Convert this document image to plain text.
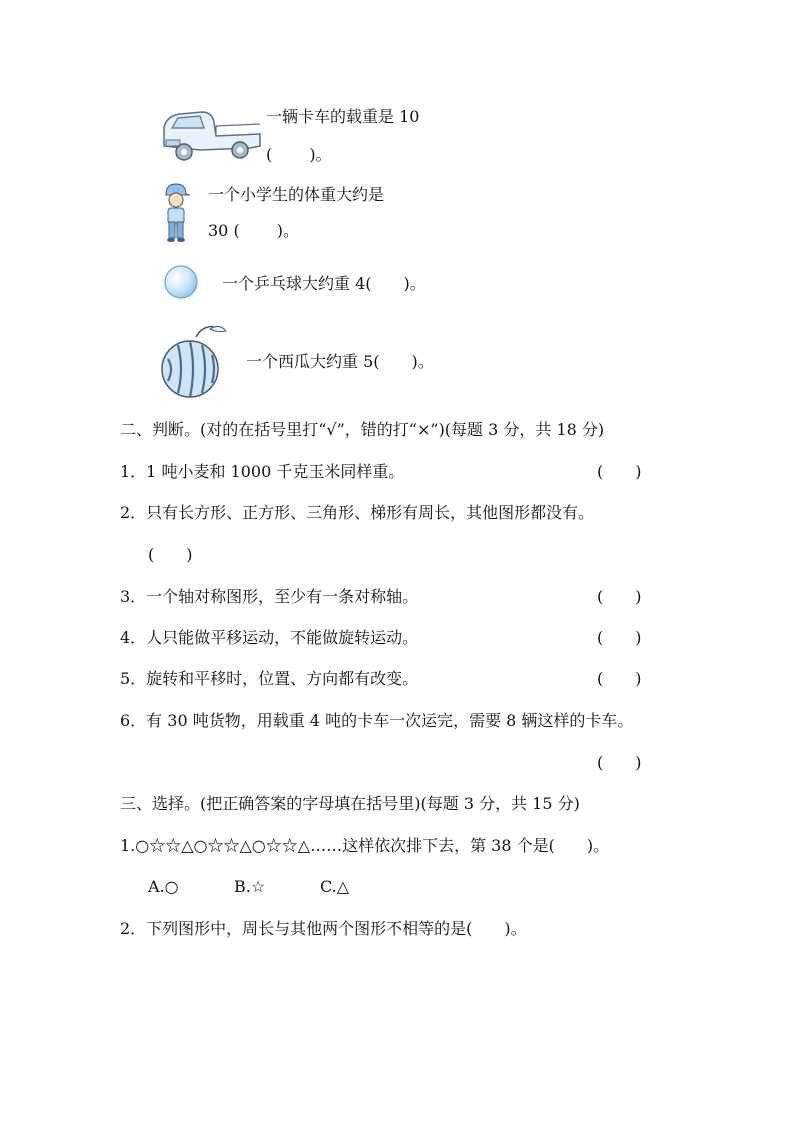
一辆卡车的载重是 10
(　　 )。
一个小学生的体重大约是
30 (　　 )。
一个乒乓球大约重 4(　　)。
一个西瓜大约重 5(　　)。
二、判断。(对的在括号里打“√”，错的打“×”)(每题 3 分，共 18 分)
1．1 吨小麦和 1000 千克玉米同样重。	(　　)
2．只有长方形、正方形、三角形、梯形有周长，其他图形都没有。
(　　)
3．一个轴对称图形，至少有一条对称轴。	(　　)
4．人只能做平移运动，不能做旋转运动。	(　　)
5．旋转和平移时，位置、方向都有改变。	(　　)
6．有 30 吨货物，用载重 4 吨的卡车一次运完，需要 8 辆这样的卡车。
(　　)
三、选择。(把正确答案的字母填在括号里)(每题 3 分，共 15 分)
1.○☆☆△○☆☆△○☆☆△……这样依次排下去，第 38 个是(　　)。
A.○	B.☆	C.△
2．下列图形中，周长与其他两个图形不相等的是(　　)。
